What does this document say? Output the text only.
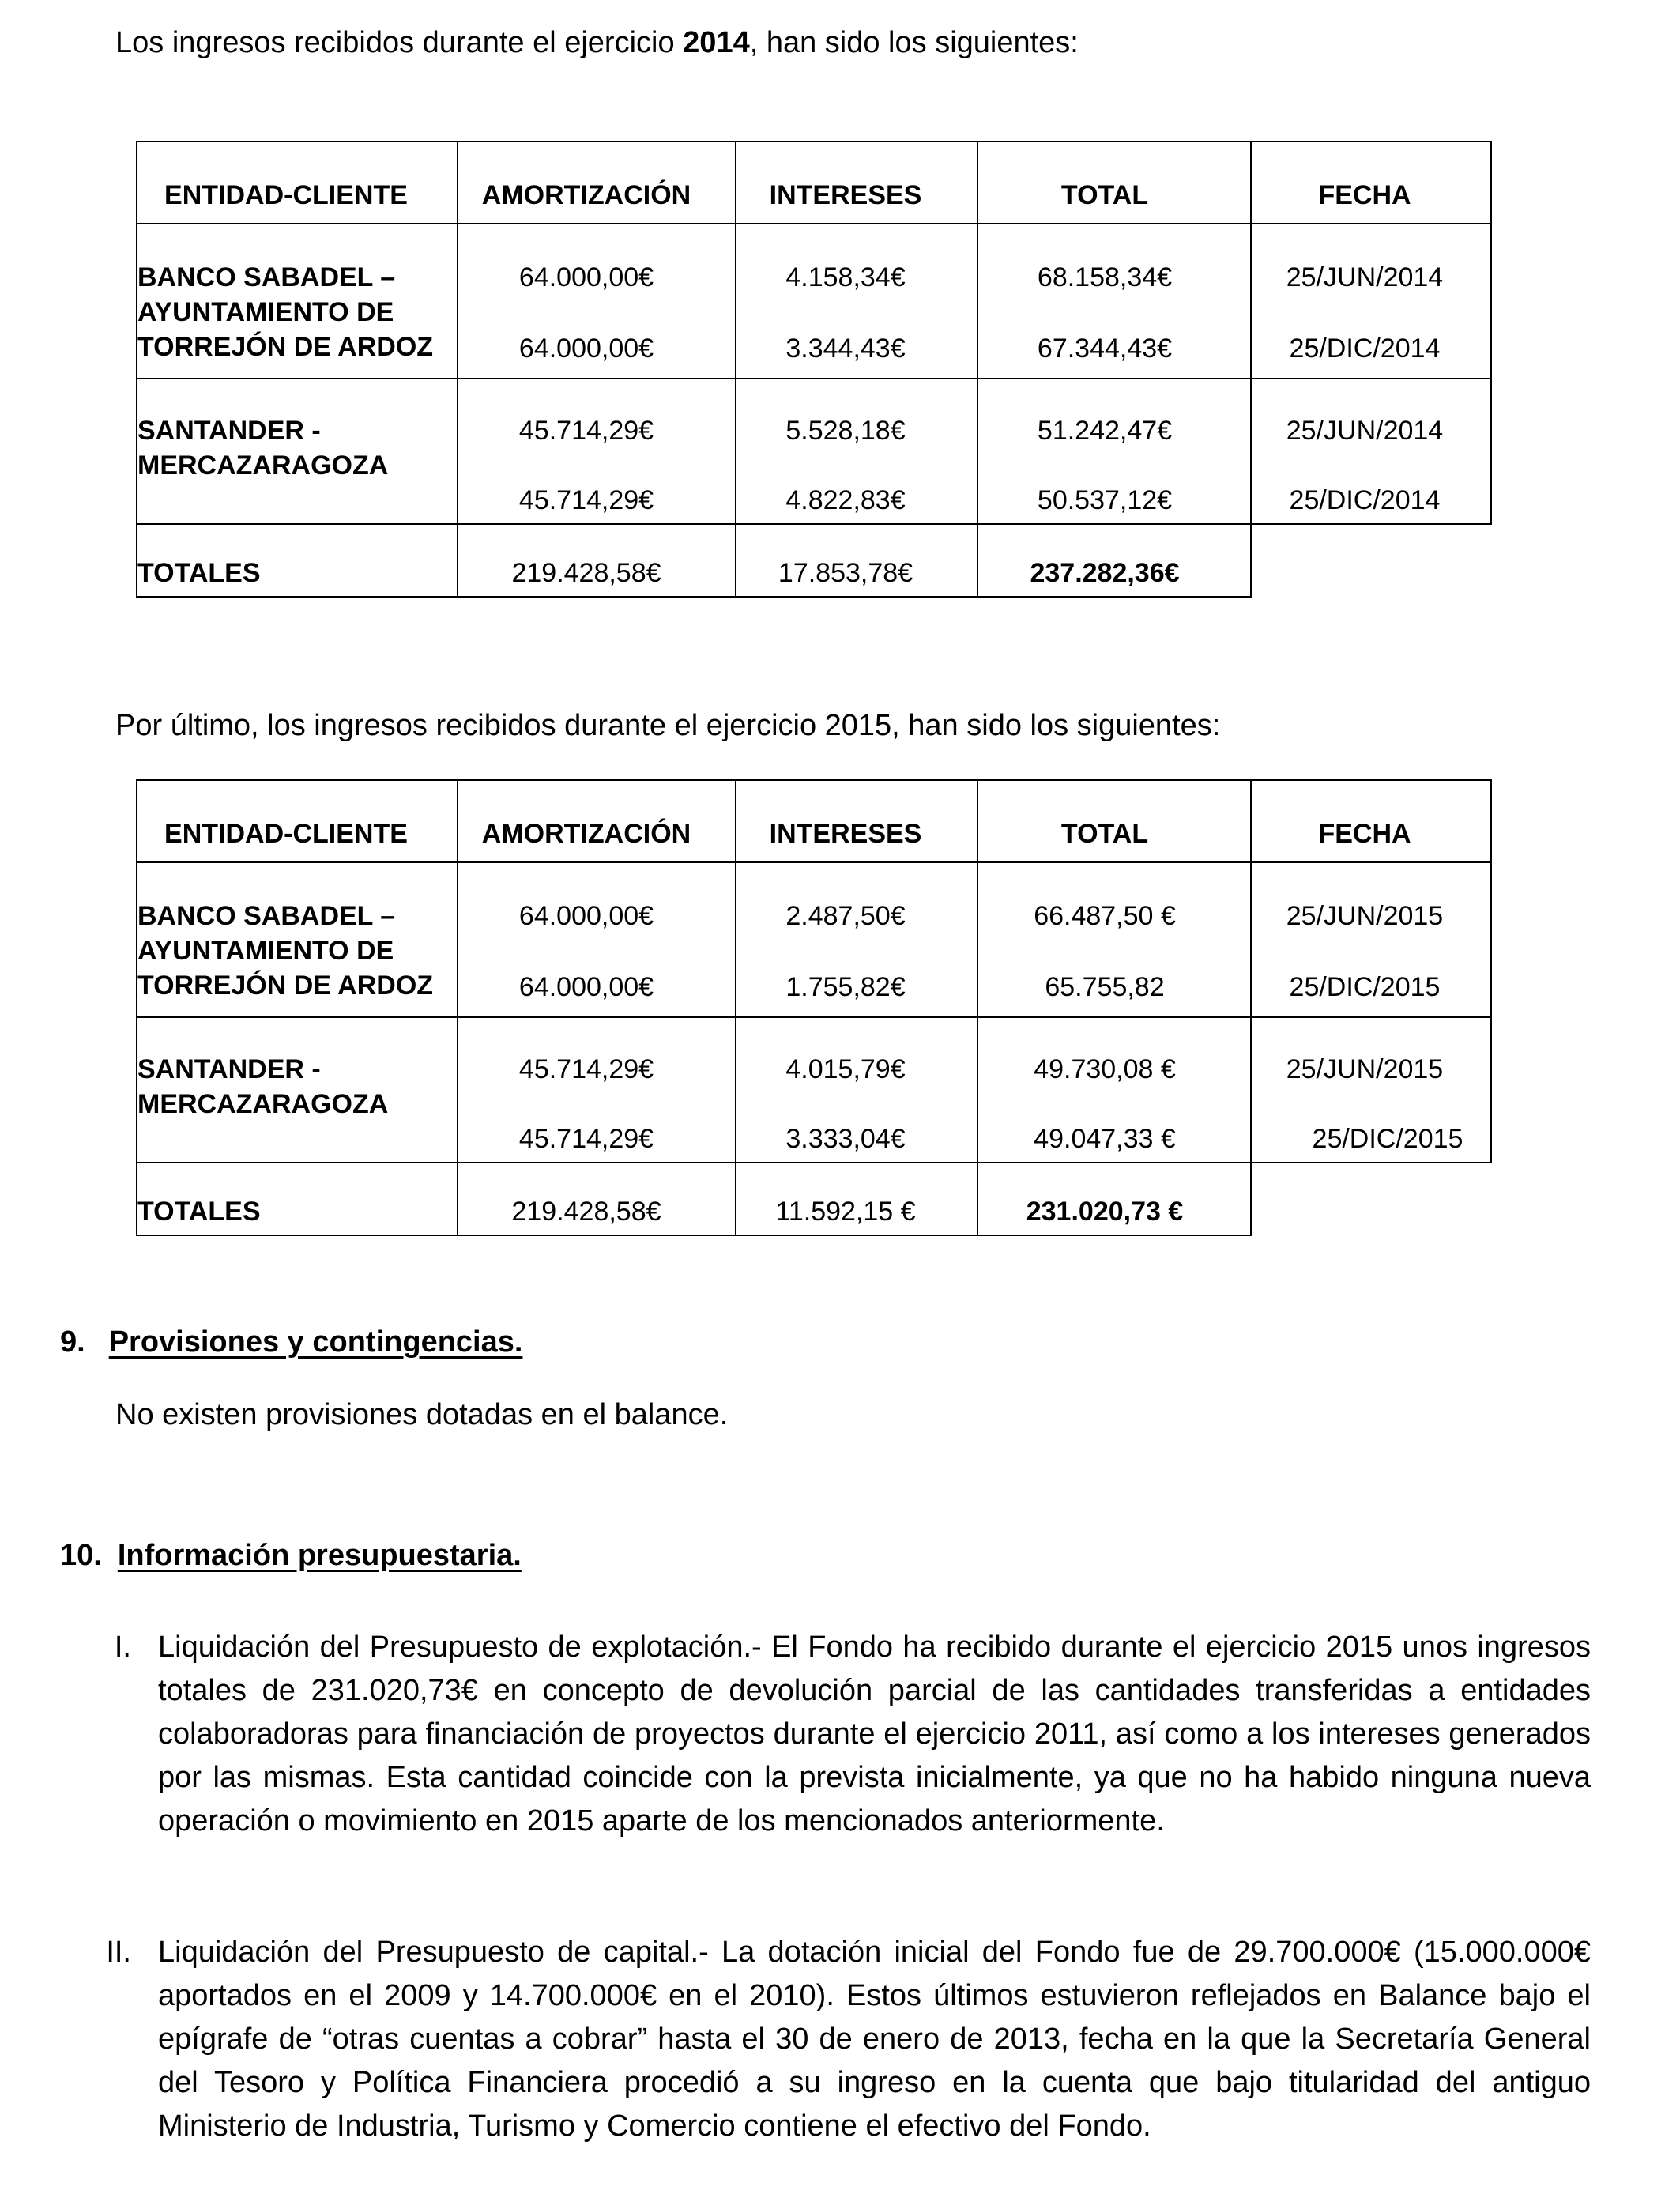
Los ingresos recibidos durante el ejercicio 2014, han sido los siguientes:

ENTIDAD-CLIENTE	AMORTIZACIÓN	INTERESES	TOTAL	FECHA
BANCO SABADEL –
AYUNTAMIENTO DE
TORREJÓN DE ARDOZ
64.000,00€	4.158,34€	68.158,34€	25/JUN/2014
64.000,00€	3.344,43€	67.344,43€	25/DIC/2014
SANTANDER -
MERCAZARAGOZA
45.714,29€	5.528,18€	51.242,47€	25/JUN/2014
45.714,29€	4.822,83€	50.537,12€	25/DIC/2014
TOTALES	219.428,58€	17.853,78€	237.282,36€

Por último, los ingresos recibidos durante el ejercicio 2015, han sido los siguientes:

ENTIDAD-CLIENTE	AMORTIZACIÓN	INTERESES	TOTAL	FECHA
BANCO SABADEL –
AYUNTAMIENTO DE
TORREJÓN DE ARDOZ
64.000,00€	2.487,50€	66.487,50 €	25/JUN/2015
64.000,00€	1.755,82€	65.755,82	25/DIC/2015
SANTANDER -
MERCAZARAGOZA
45.714,29€	4.015,79€	49.730,08 €	25/JUN/2015
45.714,29€	3.333,04€	49.047,33 €	25/DIC/2015
TOTALES	219.428,58€	11.592,15 €	231.020,73 €
9. Provisiones y contingencias.

No existen provisiones dotadas en el balance.

10. Información presupuestaria.
I. Liquidación del Presupuesto de explotación.- El Fondo ha recibido durante el ejercicio 2015 unos ingresos totales de 231.020,73€ en concepto de devolución parcial de las cantidades transferidas a entidades colaboradoras para financiación de proyectos durante el ejercicio 2011, así como a los intereses generados por las mismas. Esta cantidad coincide con la prevista inicialmente, ya que no ha habido ninguna nueva operación o movimiento en 2015 aparte de los mencionados anteriormente.

II. Liquidación del Presupuesto de capital.- La dotación inicial del Fondo fue de 29.700.000€ (15.000.000€ aportados en el 2009 y 14.700.000€ en el 2010). Estos últimos estuvieron reflejados en Balance bajo el epígrafe de “otras cuentas a cobrar” hasta el 30 de enero de 2013, fecha en la que la Secretaría General del Tesoro y Política Financiera procedió a su ingreso en la cuenta que bajo titularidad del antiguo Ministerio de Industria, Turismo y Comercio contiene el efectivo del Fondo.
